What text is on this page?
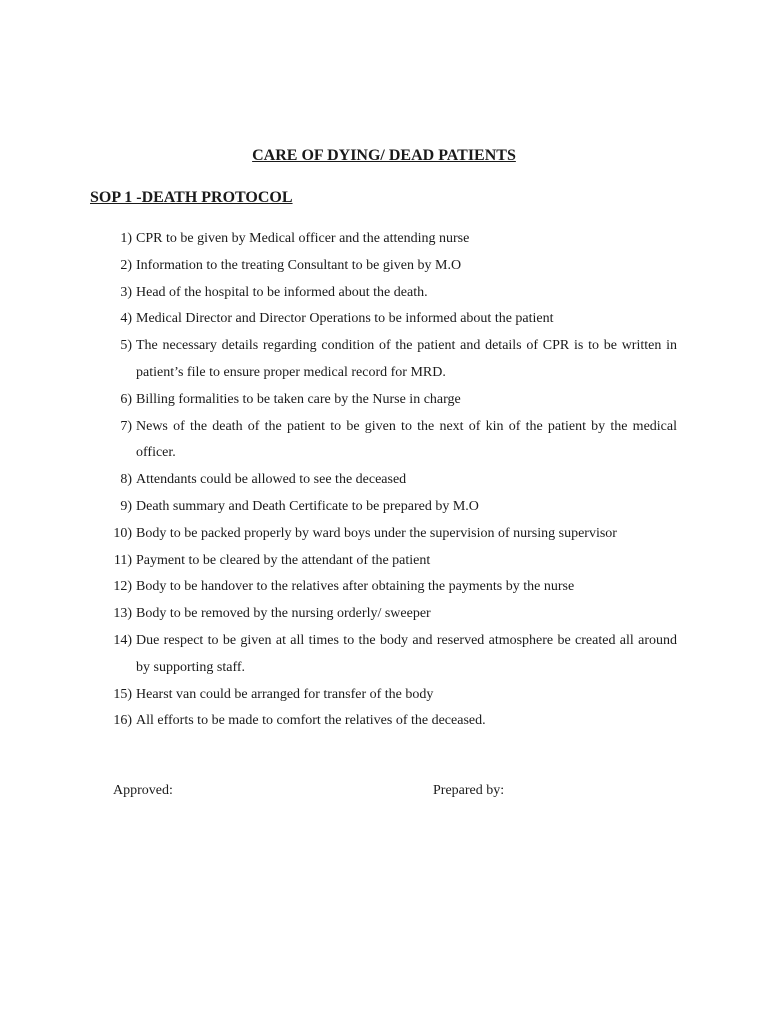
CARE OF DYING/ DEAD PATIENTS
SOP 1 -DEATH PROTOCOL
1) CPR to be given by Medical officer and the attending nurse
2) Information to the treating Consultant to be given by M.O
3) Head of the hospital to be informed about the death.
4) Medical Director and Director Operations to be informed about the patient
5) The necessary details regarding condition of the patient and details of CPR is to be written in patient’s file to ensure proper medical record for MRD.
6) Billing formalities to be taken care by the Nurse in charge
7) News of the death of the patient to be given to the next of kin of the patient by the medical officer.
8) Attendants could be allowed to see the deceased
9) Death summary and Death Certificate to be prepared by M.O
10) Body to be packed properly by ward boys under the supervision of nursing supervisor
11) Payment to be cleared by the attendant of the patient
12) Body to be handover to the relatives after obtaining the payments by the nurse
13) Body to be removed by the nursing orderly/ sweeper
14) Due respect to be given at all times to the body and reserved atmosphere be created all around by supporting staff.
15) Hearst van could be arranged for transfer of the body
16) All efforts to be made to comfort the relatives of the deceased.
Approved:	Prepared by:
